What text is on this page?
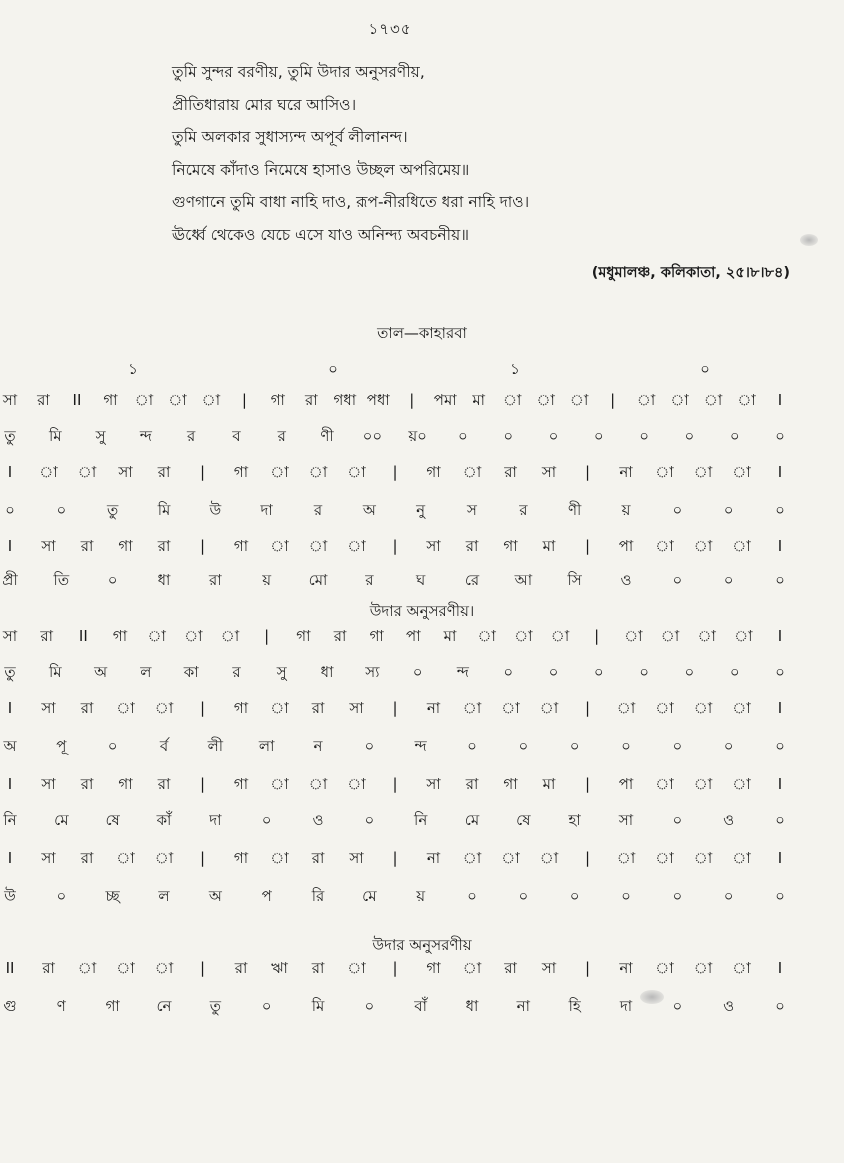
১৭৩৫
তুমি সুন্দর বরণীয়, তুমি উদার অনুসরণীয়,
প্রীতিধারায় মোর ঘরে আসিও।
তুমি অলকার সুধাস্যন্দ অপূর্ব লীলানন্দ।
নিমেষে কাঁদাও নিমেষে হাসাও উচ্ছল অপরিমেয়॥
গুণগানে তুমি বাধা নাহি দাও, রূপ-নীরধিতে ধরা নাহি দাও।
ঊর্ধ্বে থেকেও যেচে এসে যাও অনিন্দ্য অবচনীয়॥
(মধুমালঞ্চ, কলিকাতা, ২৫।৮।৮৪)
তাল—কাহারবা
১	০	১	০
সা	রা	II	গা	া	া	া	|	গা	রা	গধা পধা	|	পমা	মা	া	া	া	|	া	া	া	া	I
তু	মি	সু	ন্দ	র	ব	র	ণী	০০	য়০	০	০	০	০	০	০	০	০
I	া	া	সা	রা	|	গা	া	া	া	|	গা	া	রা	সা	|	না	া	া	া	I
০	০	তু	মি	উ	দা	র	অ	নু	স	র	ণী	য়	০	০	০
I	সা	রা	গা	রা	|	গা	া	া	া	|	সা	রা	গা	মা	|	পা	া	া	া	I
প্রী	তি	০	ধা	রা	য়	মো	র	ঘ	রে	আ	সি	ও	০	০	০
সা	রা	II	গা	া	া	া	|	গা	রা	গা	পা	মা	া	া	া	|	া	া	া	া	I
তু	মি	অ	ল	কা	র	সু	ধা	স্য	০	ন্দ	০	০	০	০	০	০	০
I	সা	রা	া	া	|	গা	া	রা	সা	|	না	া	া	া	|	া	া	া	া	I
অ	পূ	০	র্ব	লী	লা	ন	০	ন্দ	০	০	০	০	০	০	০
I	সা	রা	গা	রা	|	গা	া	া	া	|	সা	রা	গা	মা	|	পা	া	া	া	I
নি	মে	ষে	কাঁ	দা	০	ও	০	নি	মে	ষে	হা	সা	০	ও	০
I	সা	রা	া	া	|	গা	া	রা	সা	|	না	া	া	া	|	া	া	া	া	I
উ	০	চ্ছ	ল	অ	প	রি	মে	য়	০	০	০	০	০	০	০
II	রা	া	া	া	|	রা	ঋা	রা	া	|	গা	া	রা	সা	|	না	া	া	া	I
গু	ণ	গা	নে	তু	০	মি	০	বাঁ	ধা	না	হি	দা	০	ও	০
উদার অনুসরণীয়।
উদার অনুসরণীয়
